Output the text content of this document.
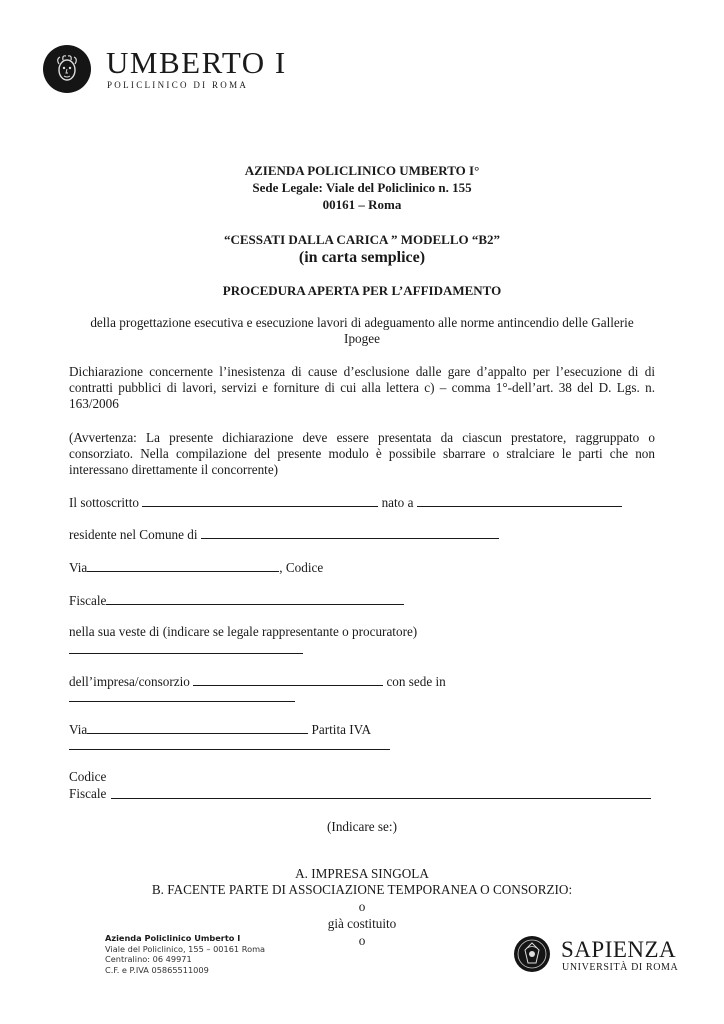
UMBERTO I
POLICLINICO DI ROMA
AZIENDA POLICLINICO UMBERTO I°
Sede Legale: Viale del Policlinico n. 155
00161 – Roma
“CESSATI DALLA CARICA ” MODELLO “B2”
(in carta semplice)
PROCEDURA APERTA PER L’AFFIDAMENTO
della progettazione esecutiva e esecuzione lavori di adeguamento alle norme antincendio delle Gallerie Ipogee
Dichiarazione concernente l’inesistenza di cause d’esclusione dalle gare d’appalto per l’esecuzione di di contratti pubblici di lavori, servizi e forniture di cui alla lettera c) – comma 1°-dell’art. 38 del D. Lgs. n. 163/2006
(Avvertenza: La presente dichiarazione deve essere presentata da ciascun prestatore, raggruppato o consorziato. Nella compilazione del presente modulo è possibile sbarrare o stralciare le parti che non interessano direttamente il concorrente)
Il sottoscritto	nato a
residente nel Comune di
Via	, Codice
Fiscale
nella sua veste di (indicare se legale rappresentante o procuratore)
dell’impresa/consorzio	con sede in
Via	Partita IVA
Codice
Fiscale
(Indicare se:)
A. IMPRESA SINGOLA
B. FACENTE PARTE DI ASSOCIAZIONE TEMPORANEA O CONSORZIO:
o
già costituito
o
Azienda Policlinico Umberto I
Viale del Policlinico, 155 – 00161 Roma
Centralino: 06 49971
C.F. e P.IVA 05865511009
SAPIENZA
UNIVERSITÀ DI ROMA
